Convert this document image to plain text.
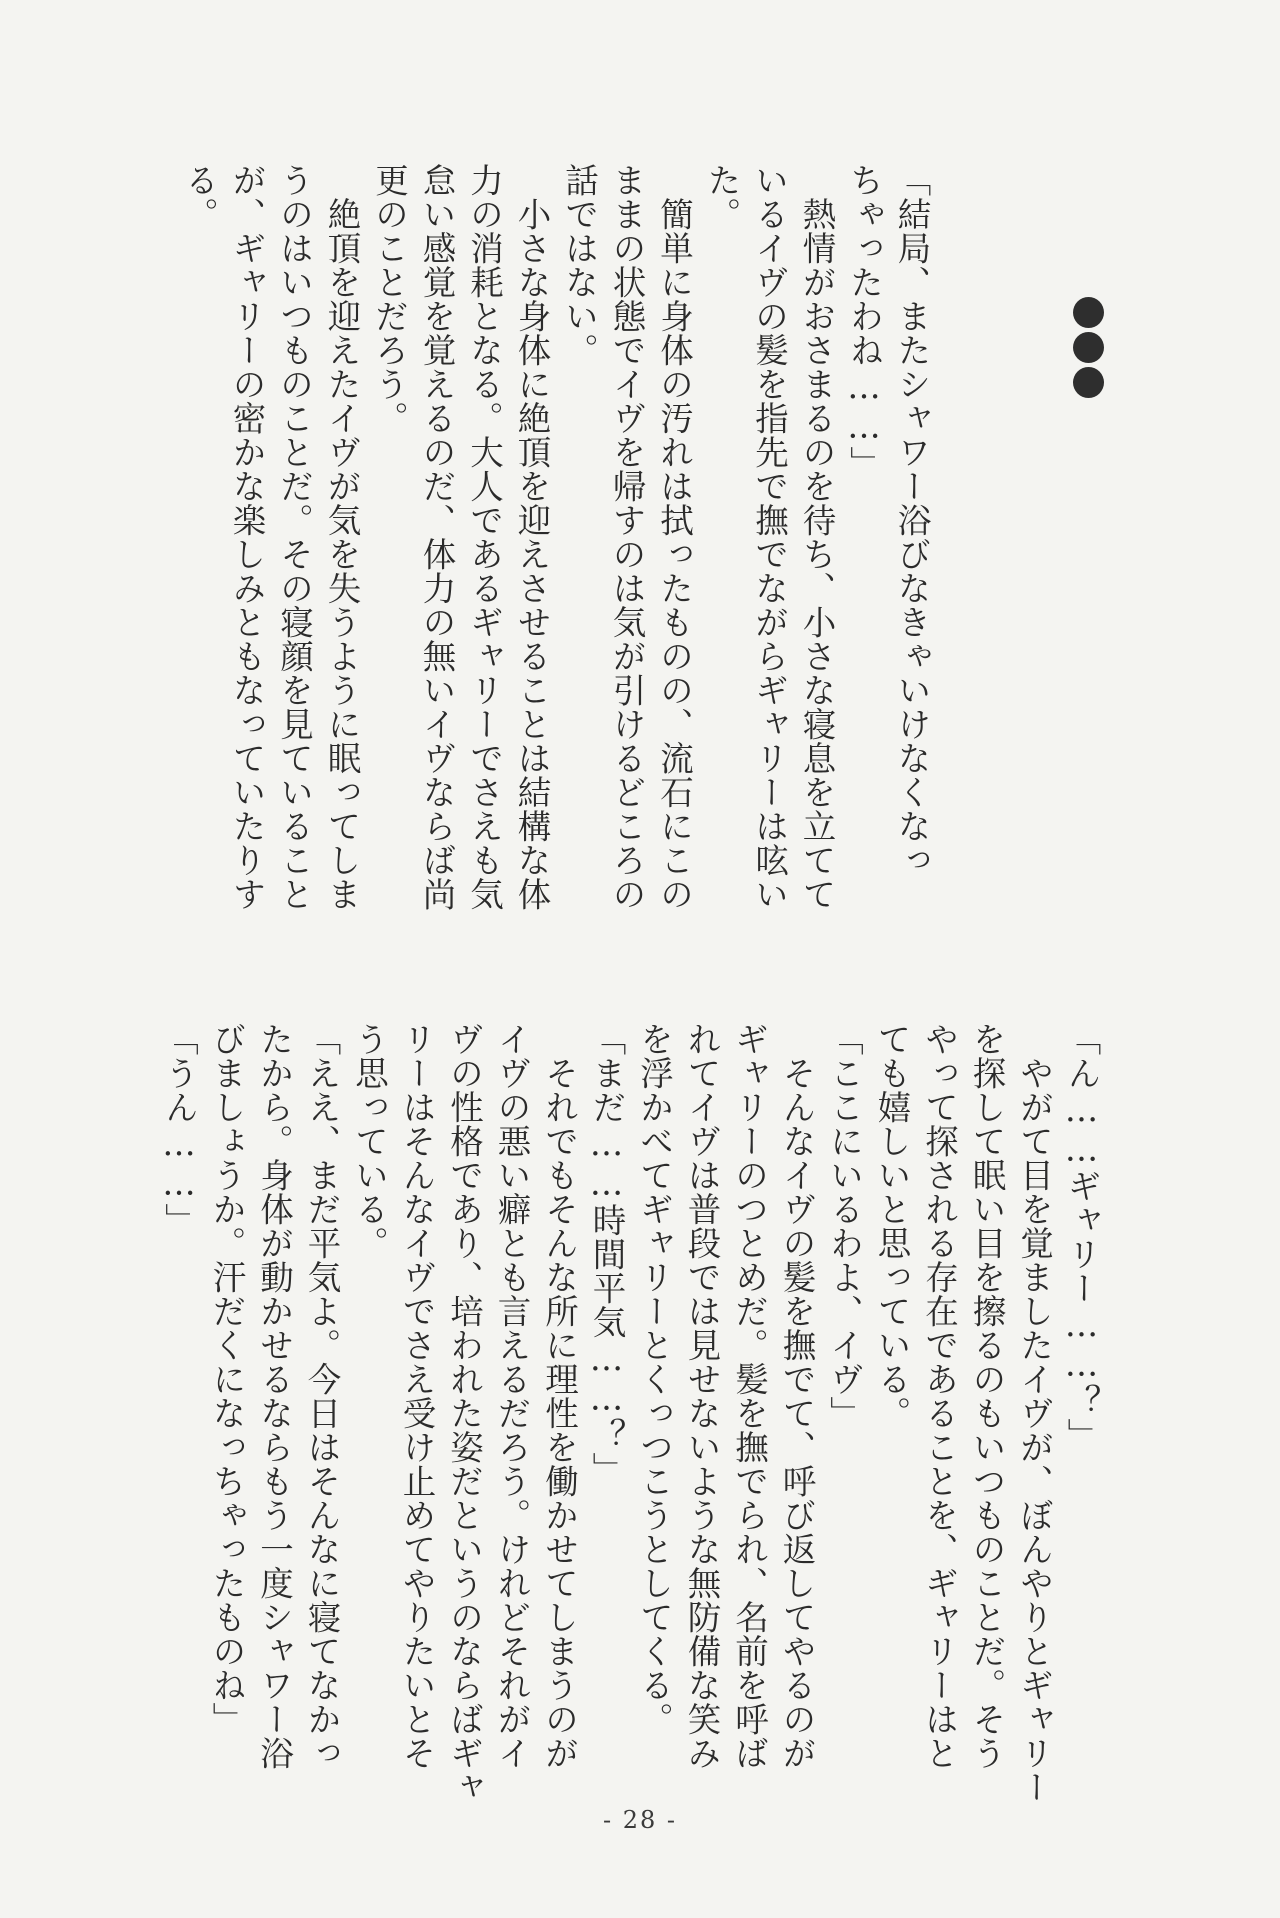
「結局、またシャワー浴びなきゃいけなくなっ
ちゃったわね……」
　熱情がおさまるのを待ち、小さな寝息を立てて
いるイヴの髪を指先で撫でながらギャリーは呟い
た。
　簡単に身体の汚れは拭ったものの、流石にこの
ままの状態でイヴを帰すのは気が引けるどころの
話ではない。
　小さな身体に絶頂を迎えさせることは結構な体
力の消耗となる。大人であるギャリーでさえも気
怠い感覚を覚えるのだ、体力の無いイヴならば尚
更のことだろう。
　絶頂を迎えたイヴが気を失うように眠ってしま
うのはいつものことだ。その寝顔を見ていること
が、ギャリーの密かな楽しみともなっていたりす
る。
「ん……ギャリー……？」
　やがて目を覚ましたイヴが、ぼんやりとギャリー
を探して眠い目を擦るのもいつものことだ。そう
やって探される存在であることを、ギャリーはと
ても嬉しいと思っている。
「ここにいるわよ、イヴ」
　そんなイヴの髪を撫でて、呼び返してやるのが
ギャリーのつとめだ。髪を撫でられ、名前を呼ば
れてイヴは普段では見せないような無防備な笑み
を浮かべてギャリーとくっつこうとしてくる。
「まだ……時間平気……？」
　それでもそんな所に理性を働かせてしまうのが
イヴの悪い癖とも言えるだろう。けれどそれがイ
ヴの性格であり、培われた姿だというのならばギャ
リーはそんなイヴでさえ受け止めてやりたいとそ
う思っている。
「ええ、まだ平気よ。今日はそんなに寝てなかっ
たから。身体が動かせるならもう一度シャワー浴
びましょうか。汗だくになっちゃったものね」
「うん……」
- 28 -
